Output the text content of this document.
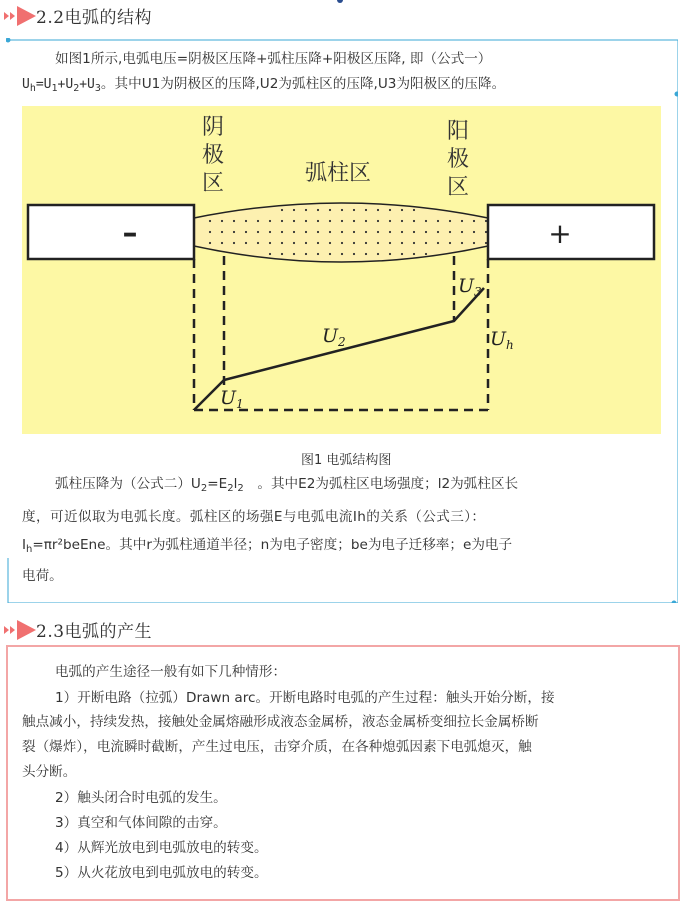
2.2电弧的结构
如图1所示,电弧电压=阴极区压降+弧柱压降+阳极区压降, 即（公式一）
$U_h=U_1+U_2+U_3$。其中U1为阴极区的压降,U2为弧柱区的压降,U3为阳极区的压降。
–	+
阴
极
区
阳
极
区
弧柱区
$U_1$
$U_2$
$U_3$
$U_h$
图1 电弧结构图
弧柱压降为（公式二）$U_2=E_2l_2$　。其中E2为弧柱区电场强度；l2为弧柱区长
度，可近似取为电弧长度。弧柱区的场强E与电弧电流Ih的关系（公式三）：
$I_h=\pi r^2beEne$。其中r为弧柱通道半径；n为电子密度；be为电子迁移率；e为电子
电荷。
2.3电弧的产生
电弧的产生途径一般有如下几种情形：
1）开断电路（拉弧）Drawn arc。开断电路时电弧的产生过程：触头开始分断，接
触点减小，持续发热，接触处金属熔融形成液态金属桥，液态金属桥变细拉长金属桥断
裂（爆炸），电流瞬时截断，产生过电压，击穿介质，在各种熄弧因素下电弧熄灭，触
头分断。
2）触头闭合时电弧的发生。
3）真空和气体间隙的击穿。
4）从辉光放电到电弧放电的转变。
5）从火花放电到电弧放电的转变。
